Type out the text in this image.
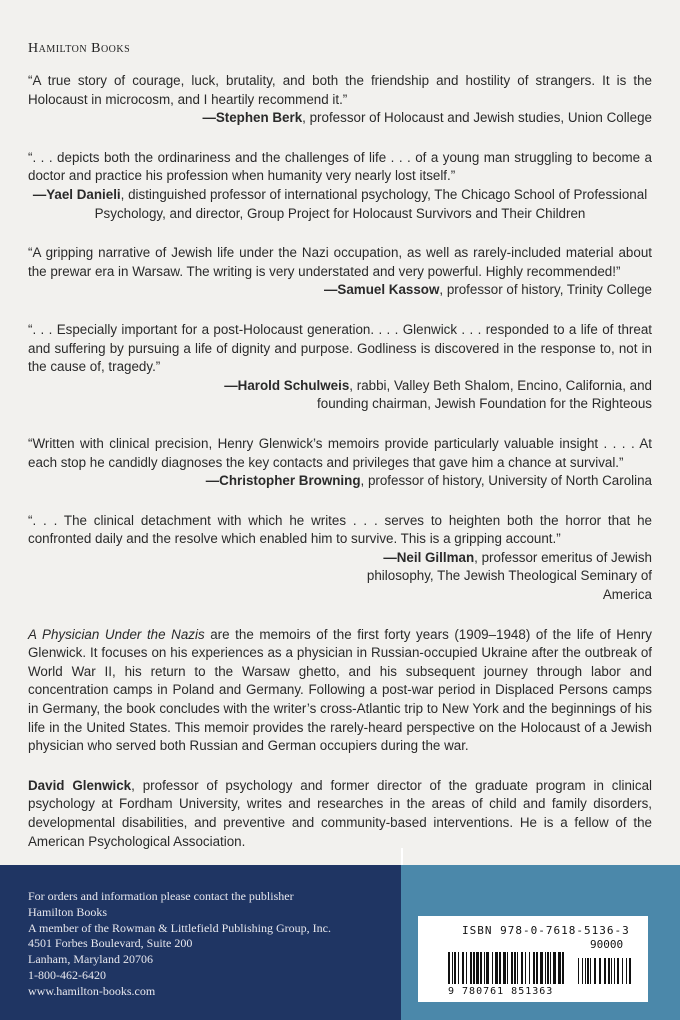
Hamilton Books

“A true story of courage, luck, brutality, and both the friendship and hostility of strangers. It is the Holocaust in microcosm, and I heartily recommend it.”

—Stephen Berk, professor of Holocaust and Jewish studies, Union College

“. . . depicts both the ordinariness and the challenges of life . . . of a young man struggling to become a doctor and practice his profession when humanity very nearly lost itself.”

—Yael Danieli, distinguished professor of international psychology, The Chicago School of Professional Psychology, and director, Group Project for Holocaust Survivors and Their Children

“A gripping narrative of Jewish life under the Nazi occupation, as well as rarely-included material about the prewar era in Warsaw. The writing is very understated and very powerful. Highly recommended!”

—Samuel Kassow, professor of history, Trinity College

“. . . Especially important for a post-Holocaust generation. . . . Glenwick . . . responded to a life of threat and suffering by pursuing a life of dignity and purpose. Godliness is discovered in the response to, not in the cause of, tragedy.”

—Harold Schulweis, rabbi, Valley Beth Shalom, Encino, California, and founding chairman, Jewish Foundation for the Righteous

“Written with clinical precision, Henry Glenwick’s memoirs provide particularly valuable insight . . . . At each stop he candidly diagnoses the key contacts and privileges that gave him a chance at survival.”

—Christopher Browning, professor of history, University of North Carolina

“. . . The clinical detachment with which he writes . . . serves to heighten both the horror that he confronted daily and the resolve which enabled him to survive. This is a gripping account.”

—Neil Gillman, professor emeritus of Jewish philosophy, The Jewish Theological Seminary of America

A Physician Under the Nazis are the memoirs of the first forty years (1909–1948) of the life of Henry Glenwick. It focuses on his experiences as a physician in Russian-occupied Ukraine after the outbreak of World War II, his return to the Warsaw ghetto, and his subsequent journey through labor and concentration camps in Poland and Germany. Following a post-war period in Displaced Persons camps in Germany, the book concludes with the writer’s cross-Atlantic trip to New York and the beginnings of his life in the United States. This memoir provides the rarely-heard perspective on the Holocaust of a Jewish physician who served both Russian and German occupiers during the war.

David Glenwick, professor of psychology and former director of the graduate program in clinical psychology at Fordham University, writes and researches in the areas of child and family disorders, developmental disabilities, and preventive and community-based interventions. He is a fellow of the American Psychological Association.

For orders and information please contact the publisher
Hamilton Books
A member of the Rowman & Littlefield Publishing Group, Inc.
4501 Forbes Boulevard, Suite 200
Lanham, Maryland 20706
1-800-462-6420
www.hamilton-books.com
ISBN 978-0-7618-5136-3
90000
9 780761 851363
